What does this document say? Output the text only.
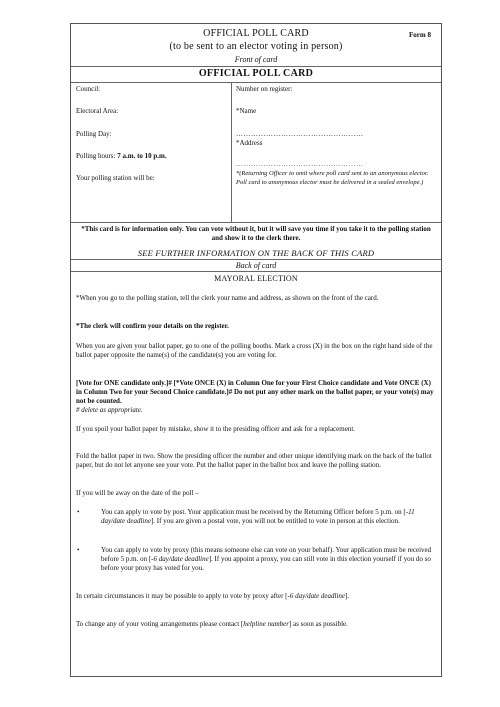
OFFICIAL POLL CARD	Form 8
(to be sent to an elector voting in person)
Front of card
OFFICIAL POLL CARD
Council:
Electoral Area:
Polling Day:
Polling hours: 7 a.m. to 10 p.m.
Your polling station will be:
Number on register:
*Name
……………………………………………
*Address
……………………………………………
*(Returning Officer to omit where poll card sent to an anonymous elector. Poll card to anonymous elector must be delivered in a sealed envelope.)
*This card is for information only. You can vote without it, but it will save you time if you take it to the polling station and show it to the clerk there.
SEE FURTHER INFORMATION ON THE BACK OF THIS CARD
Back of card
MAYORAL ELECTION
*When you go to the polling station, tell the clerk your name and address, as shown on the front of the card.
*The clerk will confirm your details on the register.
When you are given your ballot paper, go to one of the polling booths. Mark a cross (X) in the box on the right hand side of the ballot paper opposite the name(s) of the candidate(s) you are voting for.
[Vote for ONE candidate only.]# [*Vote ONCE (X) in Column One for your First Choice candidate and Vote ONCE (X) in Column Two for your Second Choice candidate.]# Do not put any other mark on the ballot paper, or your vote(s) may not be counted.
# delete as appropriate.
If you spoil your ballot paper by mistake, show it to the presiding officer and ask for a replacement.
Fold the ballot paper in two. Show the presiding officer the number and other unique identifying mark on the back of the ballot paper, but do not let anyone see your vote. Put the ballot paper in the ballot box and leave the polling station.
If you will be away on the date of the poll –
•	You can apply to vote by post. Your application must be received by the Returning Officer before 5 p.m. on [-11 day/date deadline]. If you are given a postal vote, you will not be entitled to vote in person at this election.
•	You can apply to vote by proxy (this means someone else can vote on your behalf). Your application must be received before 5 p.m. on [-6 day/date deadline]. If you appoint a proxy, you can still vote in this election yourself if you do so before your proxy has voted for you.
In certain circumstances it may be possible to apply to vote by proxy after [-6 day/date deadline].
To change any of your voting arrangements please contact [helpline number] as soon as possible.
